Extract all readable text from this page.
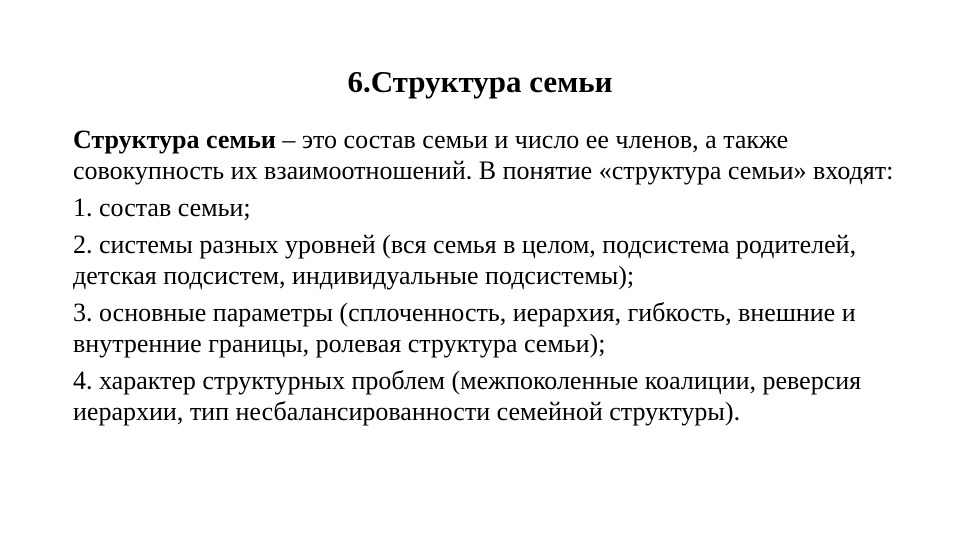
6.Структура семьи

Структура семьи – это состав семьи и число ее членов, а также совокупность их взаимоотношений. В понятие «структура семьи» входят:

1. состав семьи;

2. системы разных уровней (вся семья в целом, подсистема родителей, детская подсистем, индивидуальные подсистемы);

3. основные параметры (сплоченность, иерархия, гибкость, внешние и внутренние границы, ролевая структура семьи);

4. характер структурных проблем (межпоколенные коалиции, реверсия иерархии, тип несбалансированности семейной структуры).
